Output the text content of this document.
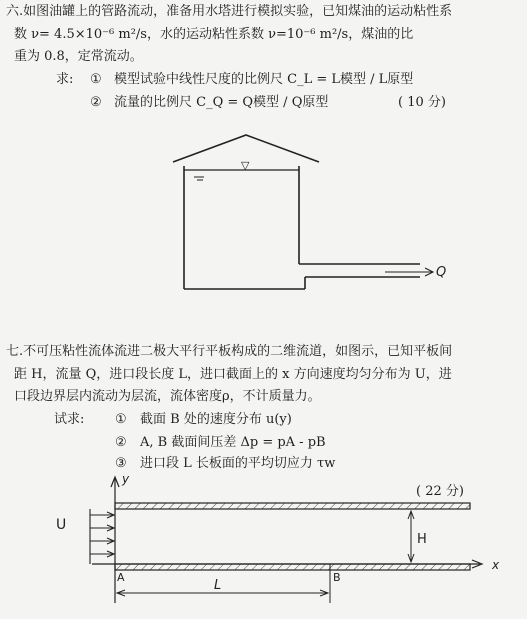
六.如图油罐上的管路流动，准备用水塔进行模拟实验，已知煤油的运动粘性系
数 ν= 4.5×10⁻⁶ m²/s，水的运动粘性系数 ν=10⁻⁶ m²/s，煤油的比
重为 0.8，定常流动。
求: ① 模型试验中线性尺度的比例尺 C_L = L模型 / L原型
② 流量的比例尺 C_Q = Q模型 / Q原型	( 10 分)
▽
Q
七.不可压粘性流体流进二极大平行平板构成的二维流道，如图示，已知平板间
距 H，流量 Q，进口段长度 L，进口截面上的 x 方向速度均匀分布为 U，进
口段边界层内流动为层流，流体密度ρ，不计质量力。
试求: ① 截面 B 处的速度分布 u(y)
② A, B 截面间压差 Δp = pA - pB
③ 进口段 L 长板面的平均切应力 τw
( 22 分)
y
x
U
A	B
L
H
